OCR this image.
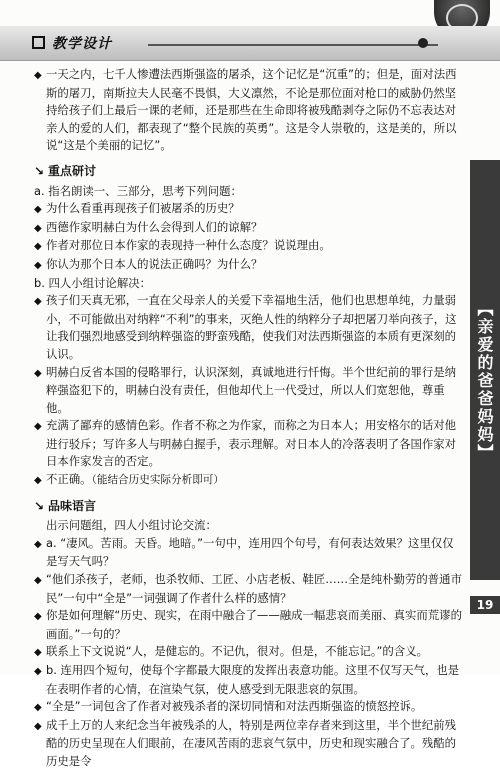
教学设计
【亲爱的爸爸妈妈】
19

◆ 一天之内，七千人惨遭法西斯强盗的屠杀，这个记忆是“沉重”的；但是，面对法西斯的屠刀，南斯拉夫人民毫不畏惧，大义凛然，不论是那位面对枪口的威胁仍然坚持给孩子们上最后一课的老师，还是那些在生命即将被残酷剥夺之际仍不忘表达对亲人的爱的人们，都表现了“整个民族的英勇”。这是令人崇敬的，这是美的，所以说“这是个美丽的记忆”。

↘ 重点研讨

a. 指名朗读一、三部分，思考下列问题：

◆ 为什么看重再现孩子们被屠杀的历史？

◆ 西德作家明赫白为什么会得到人们的谅解？

◆ 作者对那位日本作家的表现持一种什么态度？说说理由。

◆ 你认为那个日本人的说法正确吗？为什么？

b. 四人小组讨论解决：

◆ 孩子们天真无邪，一直在父母亲人的关爱下幸福地生活，他们也思想单纯，力量弱小，不可能做出对纳粹“不利”的事来，灭绝人性的纳粹分子却把屠刀举向孩子，这让我们强烈地感受到纳粹强盗的野蛮残酷，使我们对法西斯强盗的本质有更深刻的认识。

◆ 明赫白反省本国的侵略罪行，认识深刻，真诚地进行忏悔。半个世纪前的罪行是纳粹强盗犯下的，明赫白没有责任，但他却代上一代受过，所以人们宽恕他，尊重他。

◆ 充满了鄙弃的感情色彩。作者不称之为作家，而称之为日本人；用安格尔的话对他进行驳斥；写许多人与明赫白握手，表示理解。对日本人的冷落表明了各国作家对日本作家发言的否定。

◆ 不正确。（能结合历史实际分析即可）

↘ 品味语言

出示问题组，四人小组讨论交流：

◆ a. “凄风。苦雨。天昏。地暗。”一句中，连用四个句号，有何表达效果？这里仅仅是写天气吗？

◆ “他们杀孩子，老师，也杀牧师、工匠、小店老板、鞋匠……全是纯朴勤劳的普通市民”一句中“全是”一词强调了作者什么样的感情？

◆ 你是如何理解“历史、现实，在雨中融合了——融成一幅悲哀而美丽、真实而荒谬的画面。”一句的？

◆ 联系上下文说说“人，是健忘的。不记仇，很对。但是，不能忘记。”的含义。

◆ b. 连用四个短句，使每个字都最大限度的发挥出表意功能。这里不仅写天气，也是在表明作者的心情，在渲染气氛，使人感受到无限悲哀的氛围。

◆ “全是”一词包含了作者对被残杀者的深切同情和对法西斯强盗的愤怒控诉。

◆ 成千上万的人来纪念当年被残杀的人，特别是两位幸存者来到这里，半个世纪前残酷的历史呈现在人们眼前，在凄风苦雨的悲哀气氛中，历史和现实融合了。残酷的历史是令
